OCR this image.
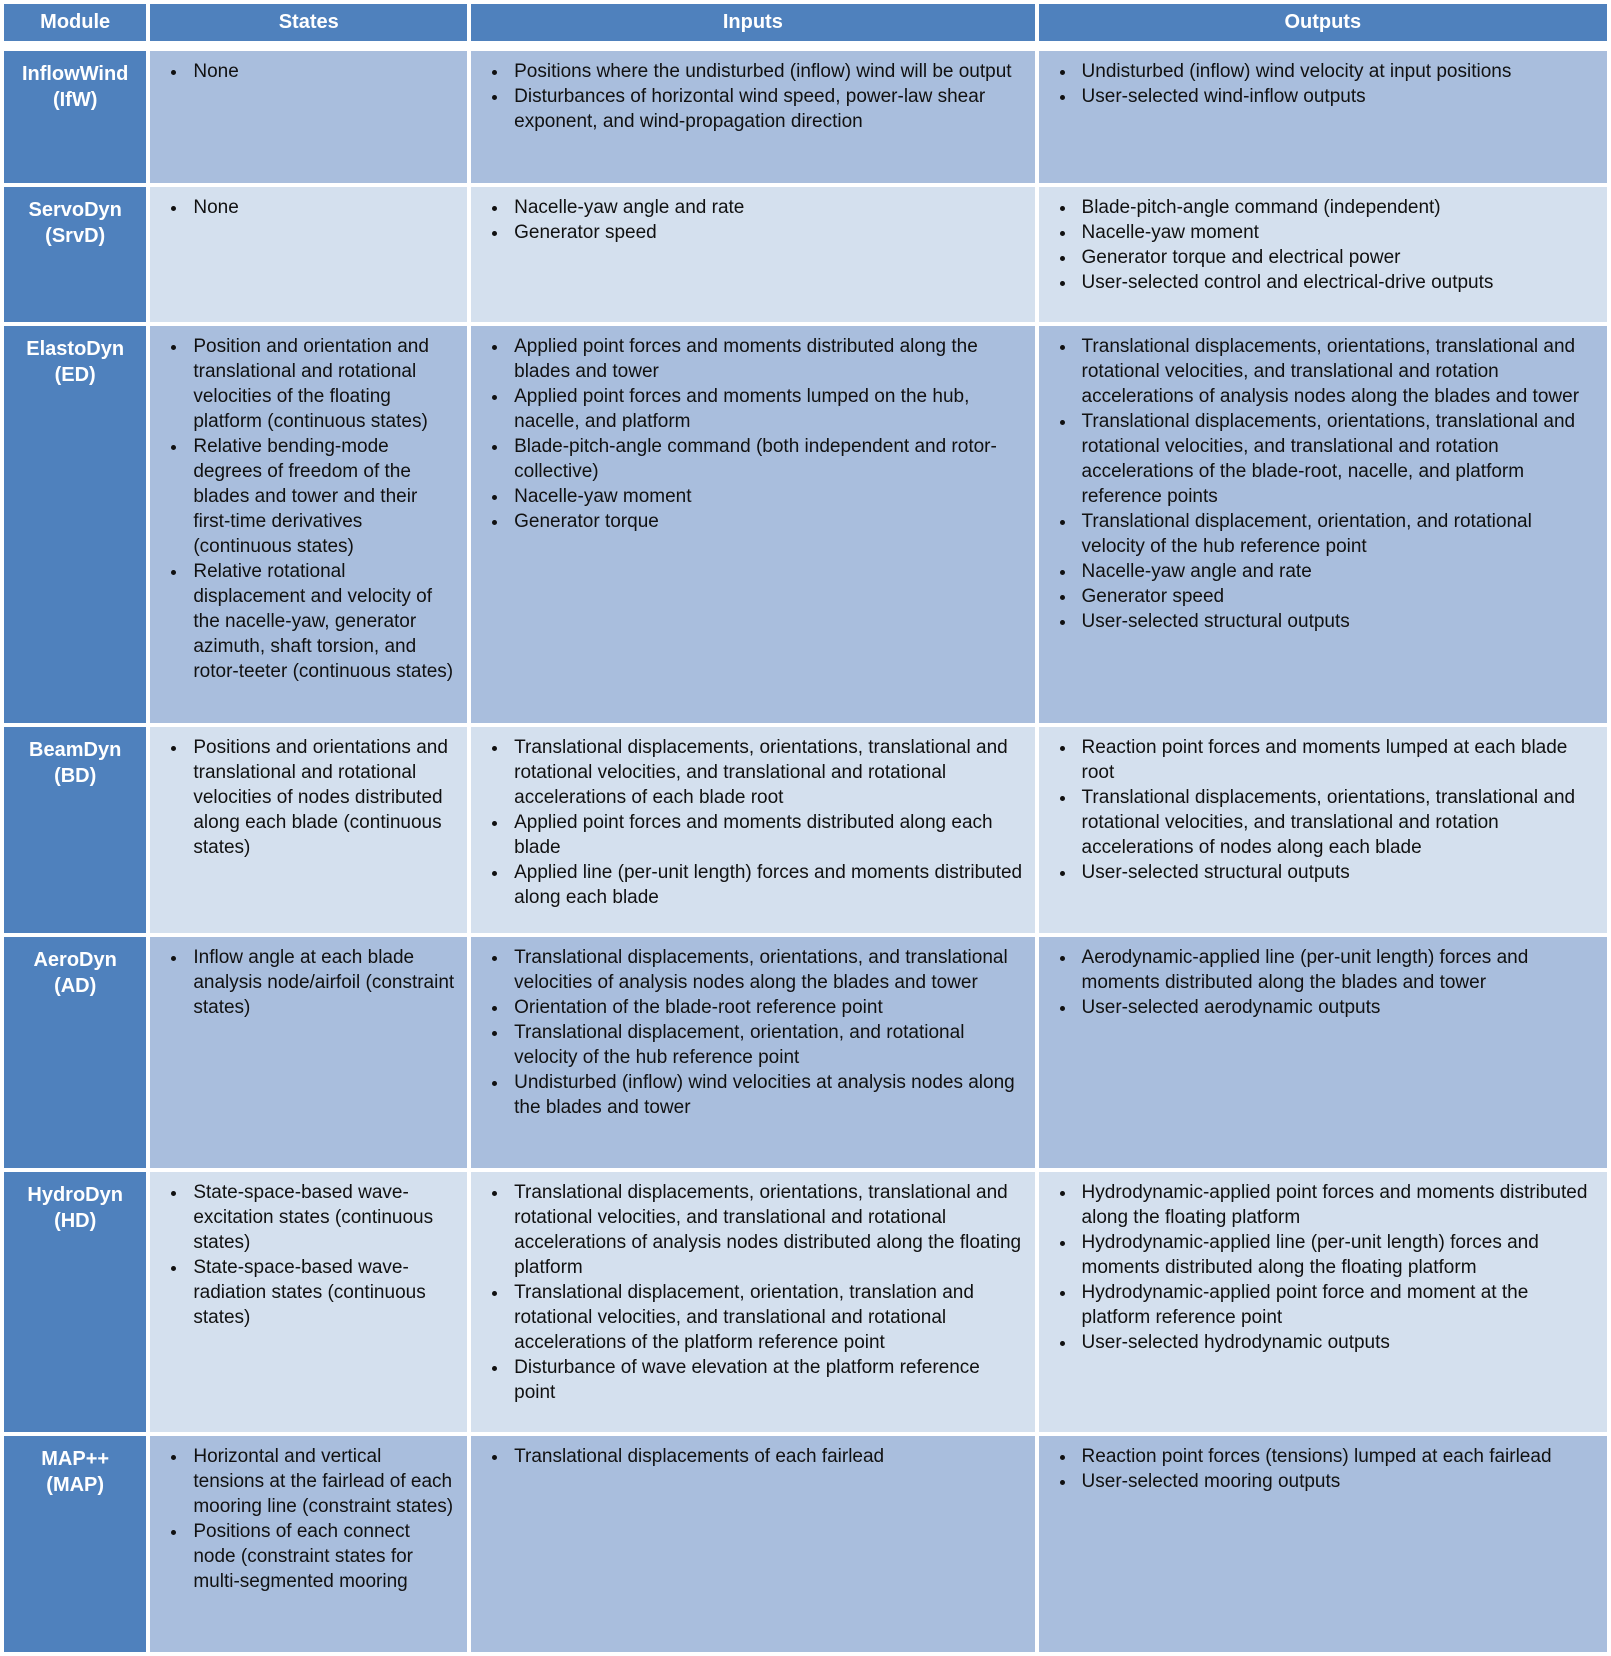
Module	States	Inputs	Outputs

InflowWind
(IfW)

• None

•Positions where the undisturbed (inflow) wind will be output
• Disturbances of horizontal wind speed, power-law shear exponent, and wind-propagation direction

• Undisturbed (inflow) wind velocity at input positions
• User-selected wind-inflow outputs

ServoDyn
(SrvD)

• None

•Nacelle-yaw angle and rate
• Generator speed

• Blade-pitch-angle command (independent)
• Nacelle-yaw moment
• Generator torque and electrical power
• User-selected control and electrical-drive outputs

ElastoDyn
(ED)

• Position and orientation and translational and rotational velocities of the floating platform (continuous states)
• Relative bending-mode degrees of freedom of the blades and tower and their first-time derivatives (continuous states)
• Relative rotational displacement and velocity of the nacelle-yaw, generator azimuth, shaft torsion, and rotor-teeter (continuous states)

• Applied point forces and moments distributed along the blades and tower
• Applied point forces and moments lumped on the hub, nacelle, and platform
• Blade-pitch-angle command (both independent and rotor-collective)
• Nacelle-yaw moment
• Generator torque

• Translational displacements, orientations, translational and rotational velocities, and translational and rotation accelerations of analysis nodes along the blades and tower
• Translational displacements, orientations, translational and rotational velocities, and translational and rotation accelerations of the blade-root, nacelle, and platform reference points
• Translational displacement, orientation, and rotational velocity of the hub reference point
• Nacelle-yaw angle and rate
• Generator speed
• User-selected structural outputs

BeamDyn
(BD)

• Positions and orientations and translational and rotational velocities of nodes distributed along each blade (continuous states)

• Translational displacements, orientations, translational and rotational velocities, and translational and rotational accelerations of each blade root
• Applied point forces and moments distributed along each blade
• Applied line (per-unit length) forces and moments distributed along each blade

• Reaction point forces and moments lumped at each blade root
• Translational displacements, orientations, translational and rotational velocities, and translational and rotation accelerations of nodes along each blade
• User-selected structural outputs

AeroDyn
(AD)

• Inflow angle at each blade analysis node/airfoil (constraint states)

• Translational displacements, orientations, and translational velocities of analysis nodes along the blades and tower
• Orientation of the blade-root reference point
• Translational displacement, orientation, and rotational velocity of the hub reference point
• Undisturbed (inflow) wind velocities at analysis nodes along the blades and tower

• Aerodynamic-applied line (per-unit length) forces and moments distributed along the blades and tower
• User-selected aerodynamic outputs

HydroDyn
(HD)

• State-space-based wave-excitation states (continuous states)
• State-space-based wave-radiation states (continuous states)

• Translational displacements, orientations, translational and rotational velocities, and translational and rotational accelerations of analysis nodes distributed along the floating platform
• Translational displacement, orientation, translation and rotational velocities, and translational and rotational accelerations of the platform reference point
• Disturbance of wave elevation at the platform reference point

• Hydrodynamic-applied point forces and moments distributed along the floating platform
• Hydrodynamic-applied line (per-unit length) forces and moments distributed along the floating platform
• Hydrodynamic-applied point force and moment at the platform reference point
• User-selected hydrodynamic outputs

MAP++
(MAP)

• Horizontal and vertical tensions at the fairlead of each mooring line (constraint states)
• Positions of each connect node (constraint states for multi-segmented mooring

• Translational displacements of each fairlead

•Reaction point forces (tensions) lumped at each fairlead
• User-selected mooring outputs
